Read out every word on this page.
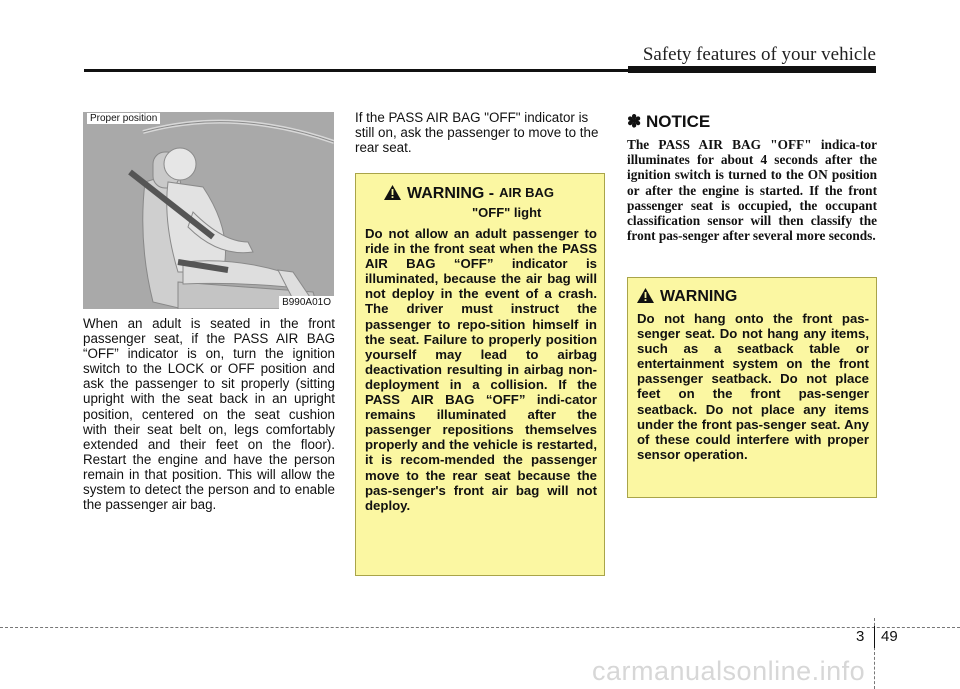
Safety features of your vehicle
Proper position
B990A01O
When an adult is seated in the front passenger seat, if the PASS AIR BAG “OFF” indicator is on, turn the ignition switch to the LOCK or OFF position and ask the passenger to sit properly (sitting upright with the seat back in an upright position, centered on the seat cushion with their seat belt on, legs comfortably extended and their feet on the floor). Restart the engine and have the person remain in that position. This will allow the system to detect the person and to enable the passenger air bag.
If the PASS AIR BAG "OFF" indicator is still on, ask the passenger to move to the rear seat.
WARNING - AIR BAG
"OFF" light
Do not allow an adult passenger to ride in the front seat when the PASS AIR BAG “OFF” indicator is illuminated, because the air bag will not deploy in the event of a crash. The driver must instruct the passenger to repo-sition himself in the seat. Failure to properly position yourself may lead to airbag deactivation resulting in airbag non-deployment in a collision. If the PASS AIR BAG “OFF” indi-cator remains illuminated after the passenger repositions themselves properly and the vehicle is restarted, it is recom-mended the passenger move to the rear seat because the pas-senger's front air bag will not deploy.
✽ NOTICE
The PASS AIR BAG "OFF" indica-tor illuminates for about 4 seconds after the ignition switch is turned to the ON position or after the engine is started. If the front passenger seat is occupied, the occupant classification sensor will then classify the front pas-senger after several more seconds.
WARNING
Do not hang onto the front pas-senger seat. Do not hang any items, such as a seatback table or entertainment system on the front passenger seatback. Do not place feet on the front pas-senger seatback. Do not place any items under the front pas-senger seat. Any of these could interfere with proper sensor operation.
3 49
carmanualsonline.info
